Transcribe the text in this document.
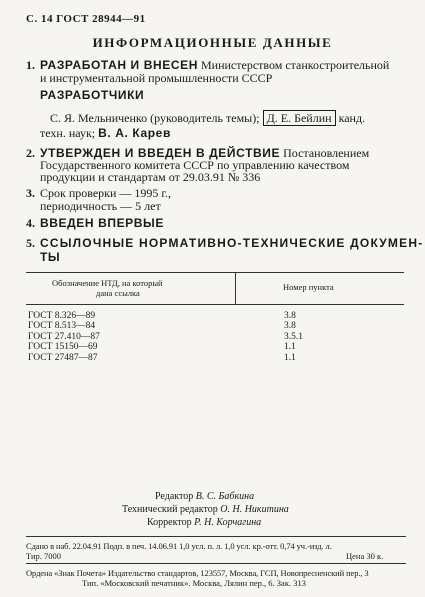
С. 14 ГОСТ 28944—91
ИНФОРМАЦИОННЫЕ ДАННЫЕ
1. РАЗРАБОТАН И ВНЕСЕН Министерством станкостроительной
и инструментальной промышленности СССР
РАЗРАБОТЧИКИ
С. Я. Мельниченко (руководитель темы); Д. Е. Бейлин канд.
техн. наук; В. А. Карев
2. УТВЕРЖДЕН И ВВЕДЕН В ДЕЙСТВИЕ Постановлением
Государственного комитета СССР по управлению качеством
продукции и стандартам от 29.03.91 № 336
3. Срок проверки — 1995 г.,
периодичность — 5 лет
4. ВВЕДЕН ВПЕРВЫЕ
5. ССЫЛОЧНЫЕ НОРМАТИВНО-ТЕХНИЧЕСКИЕ ДОКУМЕН-
ТЫ
Обозначение НТД, на который
дана ссылка
Номер пункта
ГОСТ 8.326—89	3.8
ГОСТ 8.513—84	3.8
ГОСТ 27.410—87	3.5.1
ГОСТ 15150—69	1.1
ГОСТ 27487—87	1.1
Редактор В. С. Бабкина
Технический редактор О. Н. Никитина
Корректор Р. Н. Корчагина
Сдано в наб. 22.04.91 Подп. в печ. 14.06.91 1,0 усл. п. л. 1,0 усл. кр.-отт. 0,74 уч.-изд. л.
Тир. 7000	Цена 30 к.
Ордена «Знак Почета» Издательство стандартов, 123557, Москва, ГСП, Новопресненский пер., 3
Тип. «Московский печатник». Москва, Лялин пер., 6. Зак. 313
